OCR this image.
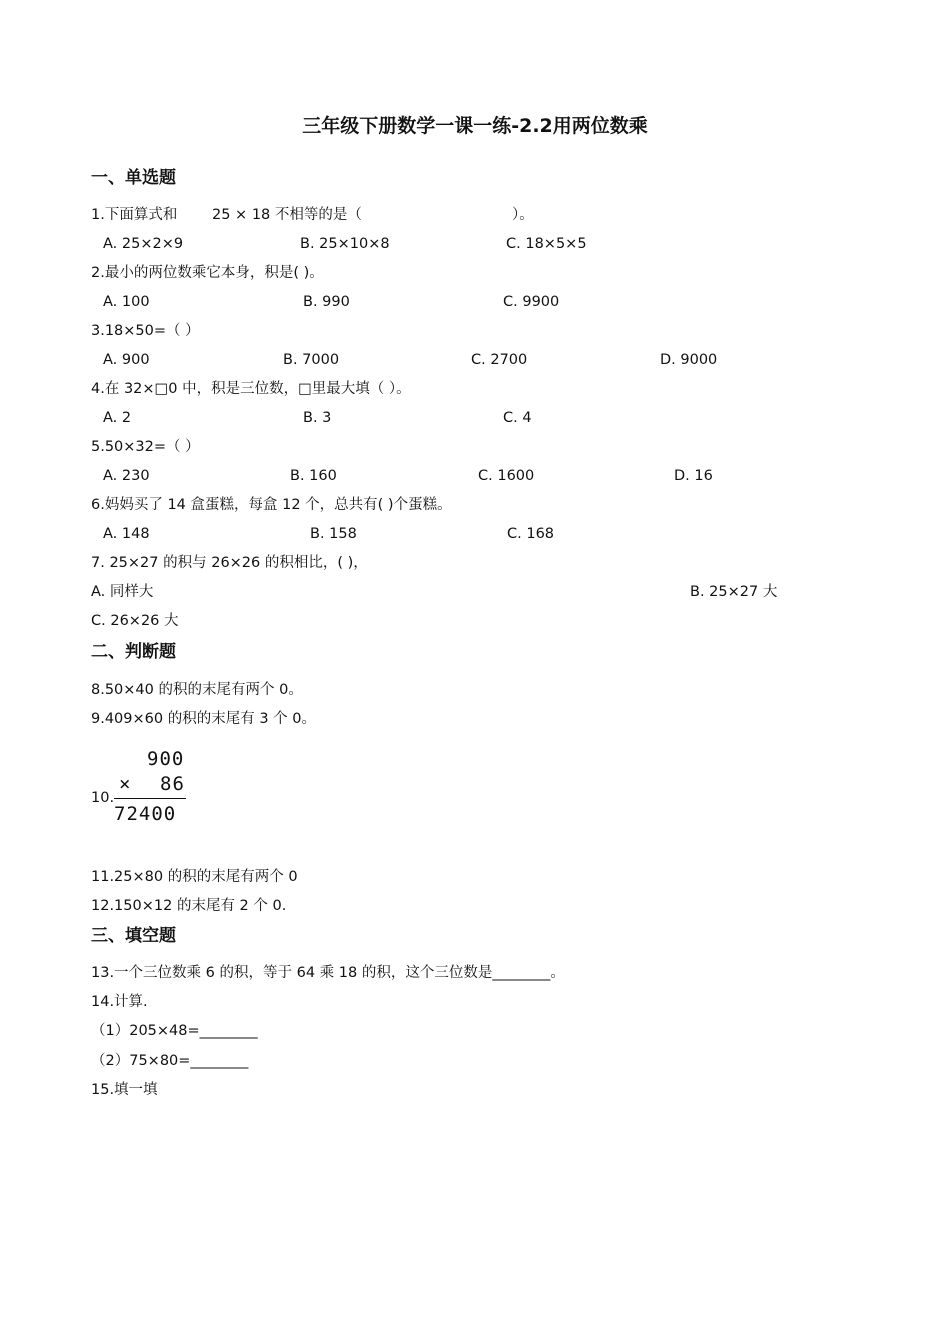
三年级下册数学一课一练-2.2用两位数乘
一、单选题
1.下面算式和 25 × 18 不相等的是（	）。
A. 25×2×9	B. 25×10×8	C. 18×5×5
2.最小的两位数乘它本身，积是( )。
A. 100	B. 990	C. 9900
3.18×50=（ ）
A. 900	B. 7000	C. 2700	D. 9000
4.在 32×□0 中，积是三位数，□里最大填（ ）。
A. 2	B. 3	C. 4
5.50×32=（ ）
A. 230	B. 160	C. 1600	D. 16
6.妈妈买了 14 盒蛋糕，每盒 12 个，总共有( )个蛋糕。
A. 148	B. 158	C. 168
7. 25×27 的积与 26×26 的积相比，( )，
A. 同样大	B. 25×27 大
C. 26×26 大
二、判断题
8.50×40 的积的末尾有两个 0。
9.409×60 的积的末尾有 3 个 0。
10.
900
× 86
72400
11.25×80 的积的末尾有两个 0
12.150×12 的末尾有 2 个 0.
三、填空题
13.一个三位数乘 6 的积，等于 64 乘 18 的积，这个三位数是________。
14.计算.
（1）205×48=________
（2）75×80=________
15.填一填
